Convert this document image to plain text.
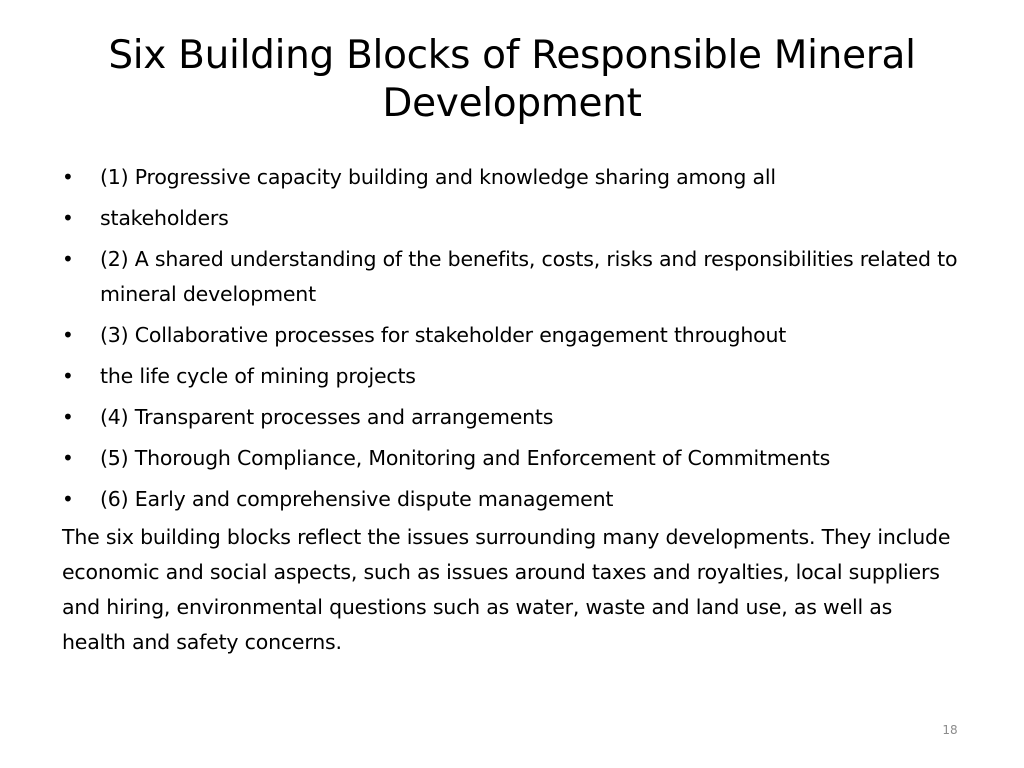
Six Building Blocks of Responsible Mineral Development
•	(1) Progressive capacity building and knowledge sharing among all
•	stakeholders
•	(2) A shared understanding of the benefits, costs, risks and responsibilities related to mineral development
•	(3) Collaborative processes for stakeholder engagement throughout
•	the life cycle of mining projects
•	(4) Transparent processes and arrangements
•	(5) Thorough Compliance, Monitoring and Enforcement of Commitments
•	(6) Early and comprehensive dispute management

The six building blocks reflect the issues surrounding many developments. They include economic and social aspects, such as issues around taxes and royalties, local suppliers and hiring, environmental questions such as water, waste and land use, as well as health and safety concerns.

18
